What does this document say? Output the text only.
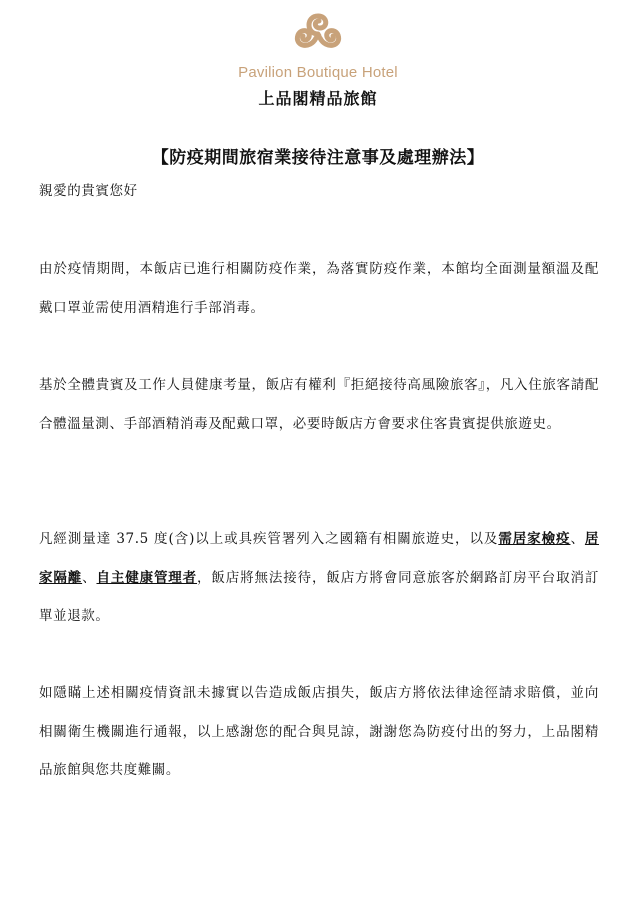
Pavilion Boutique Hotel
上品閣精品旅館
【防疫期間旅宿業接待注意事及處理辦法】
親愛的貴賓您好
由於疫情期間，本飯店已進行相關防疫作業，為落實防疫作業，本館均全面測量額溫及配戴口罩並需使用酒精進行手部消毒。
基於全體貴賓及工作人員健康考量，飯店有權利『拒絕接待高風險旅客』，凡入住旅客請配合體溫量測、手部酒精消毒及配戴口罩，必要時飯店方會要求住客貴賓提供旅遊史。
凡經測量達 37.5 度(含)以上或具疾管署列入之國籍有相關旅遊史，以及需居家檢疫、居家隔離、自主健康管理者，飯店將無法接待，飯店方將會同意旅客於網路訂房平台取消訂單並退款。
如隱瞞上述相關疫情資訊未據實以告造成飯店損失，飯店方將依法律途徑請求賠償，並向相關衛生機關進行通報，以上感謝您的配合與見諒，謝謝您為防疫付出的努力，上品閣精品旅館與您共度難關。
